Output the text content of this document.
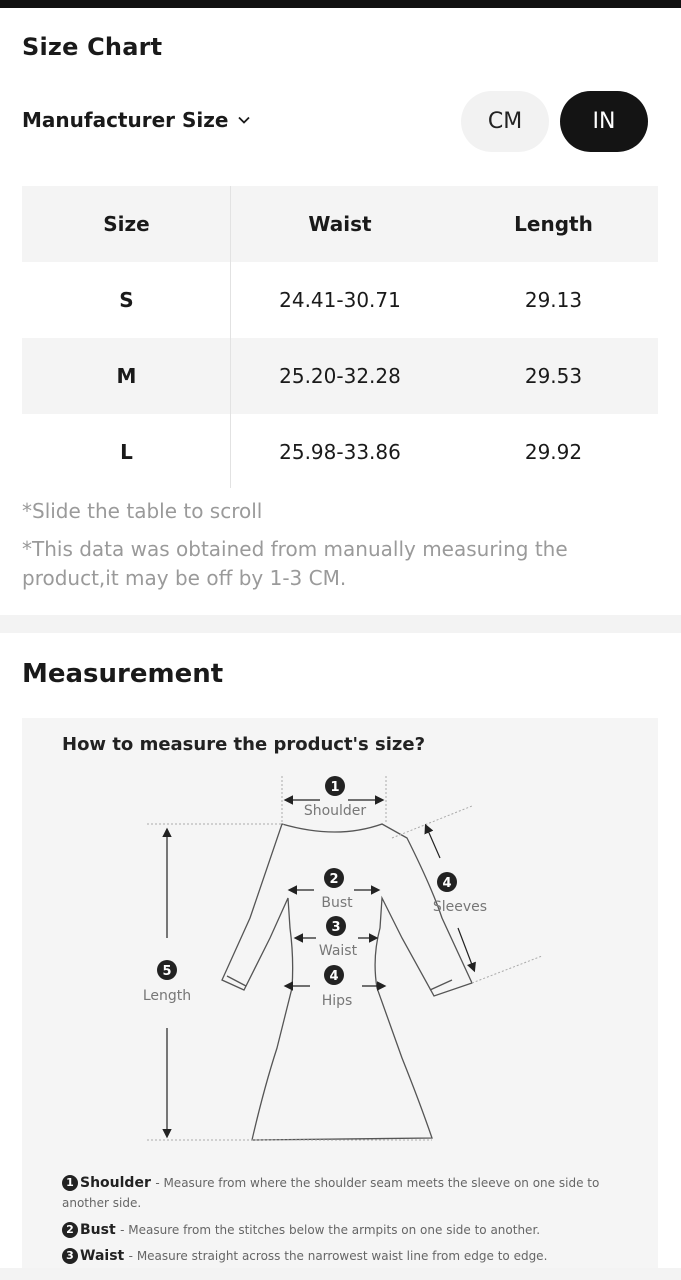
Size Chart
Manufacturer Size	CM	IN
Size	Waist	Length
S	24.41-30.71	29.13
M	25.20-32.28	29.53
L	25.98-33.86	29.92
*Slide the table to scroll
*This data was obtained from manually measuring the product,it may be off by 1-3 CM.
Measurement
How to measure the product's size?
1
2
3
4
4
5
Shoulder
Bust
Waist
Hips
Sleeves
Length
1 Shoulder - Measure from where the shoulder seam meets the sleeve on one side to another side.
2 Bust - Measure from the stitches below the armpits on one side to another.
3 Waist - Measure straight across the narrowest waist line from edge to edge.
